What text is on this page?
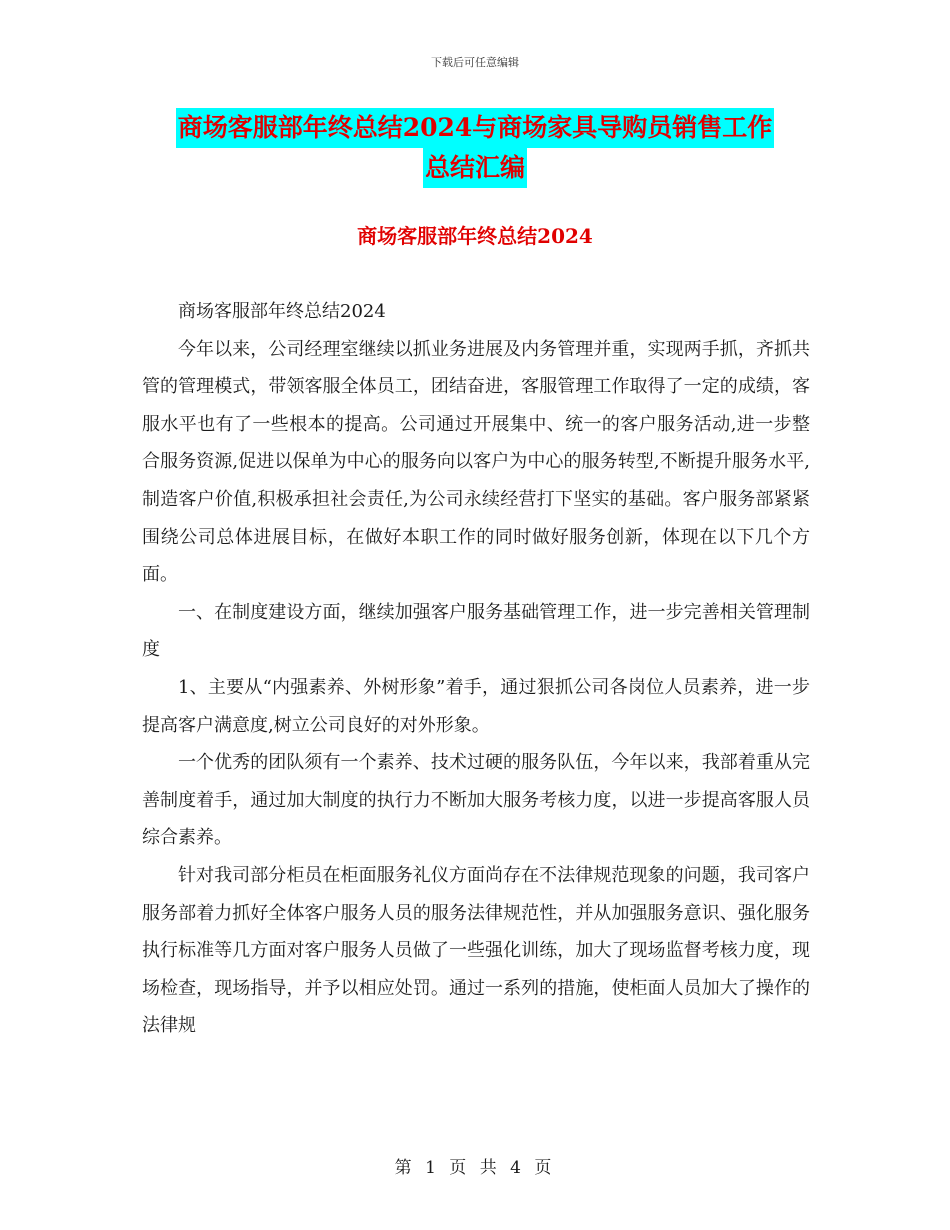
下载后可任意编辑
商场客服部年终总结2024与商场家具导购员销售工作
总结汇编
商场客服部年终总结2024

商场客服部年终总结2024

今年以来，公司经理室继续以抓业务进展及内务管理并重，实现两手抓，齐抓共管的管理模式，带领客服全体员工，团结奋进，客服管理工作取得了一定的成绩，客服水平也有了一些根本的提高。公司通过开展集中、统一的客户服务活动,进一步整合服务资源,促进以保单为中心的服务向以客户为中心的服务转型,不断提升服务水平,制造客户价值,积极承担社会责任,为公司永续经营打下坚实的基础。客户服务部紧紧围绕公司总体进展目标，在做好本职工作的同时做好服务创新，体现在以下几个方面。

一、在制度建设方面，继续加强客户服务基础管理工作，进一步完善相关管理制度

1、主要从“内强素养、外树形象”着手，通过狠抓公司各岗位人员素养，进一步提高客户满意度,树立公司良好的对外形象。

一个优秀的团队须有一个素养、技术过硬的服务队伍，今年以来，我部着重从完善制度着手，通过加大制度的执行力不断加大服务考核力度，以进一步提高客服人员综合素养。

针对我司部分柜员在柜面服务礼仪方面尚存在不法律规范现象的问题，我司客户服务部着力抓好全体客户服务人员的服务法律规范性，并从加强服务意识、强化服务执行标准等几方面对客户服务人员做了一些强化训练，加大了现场监督考核力度，现场检查，现场指导，并予以相应处罚。通过一系列的措施，使柜面人员加大了操作的法律规

第 1 页 共 4 页
